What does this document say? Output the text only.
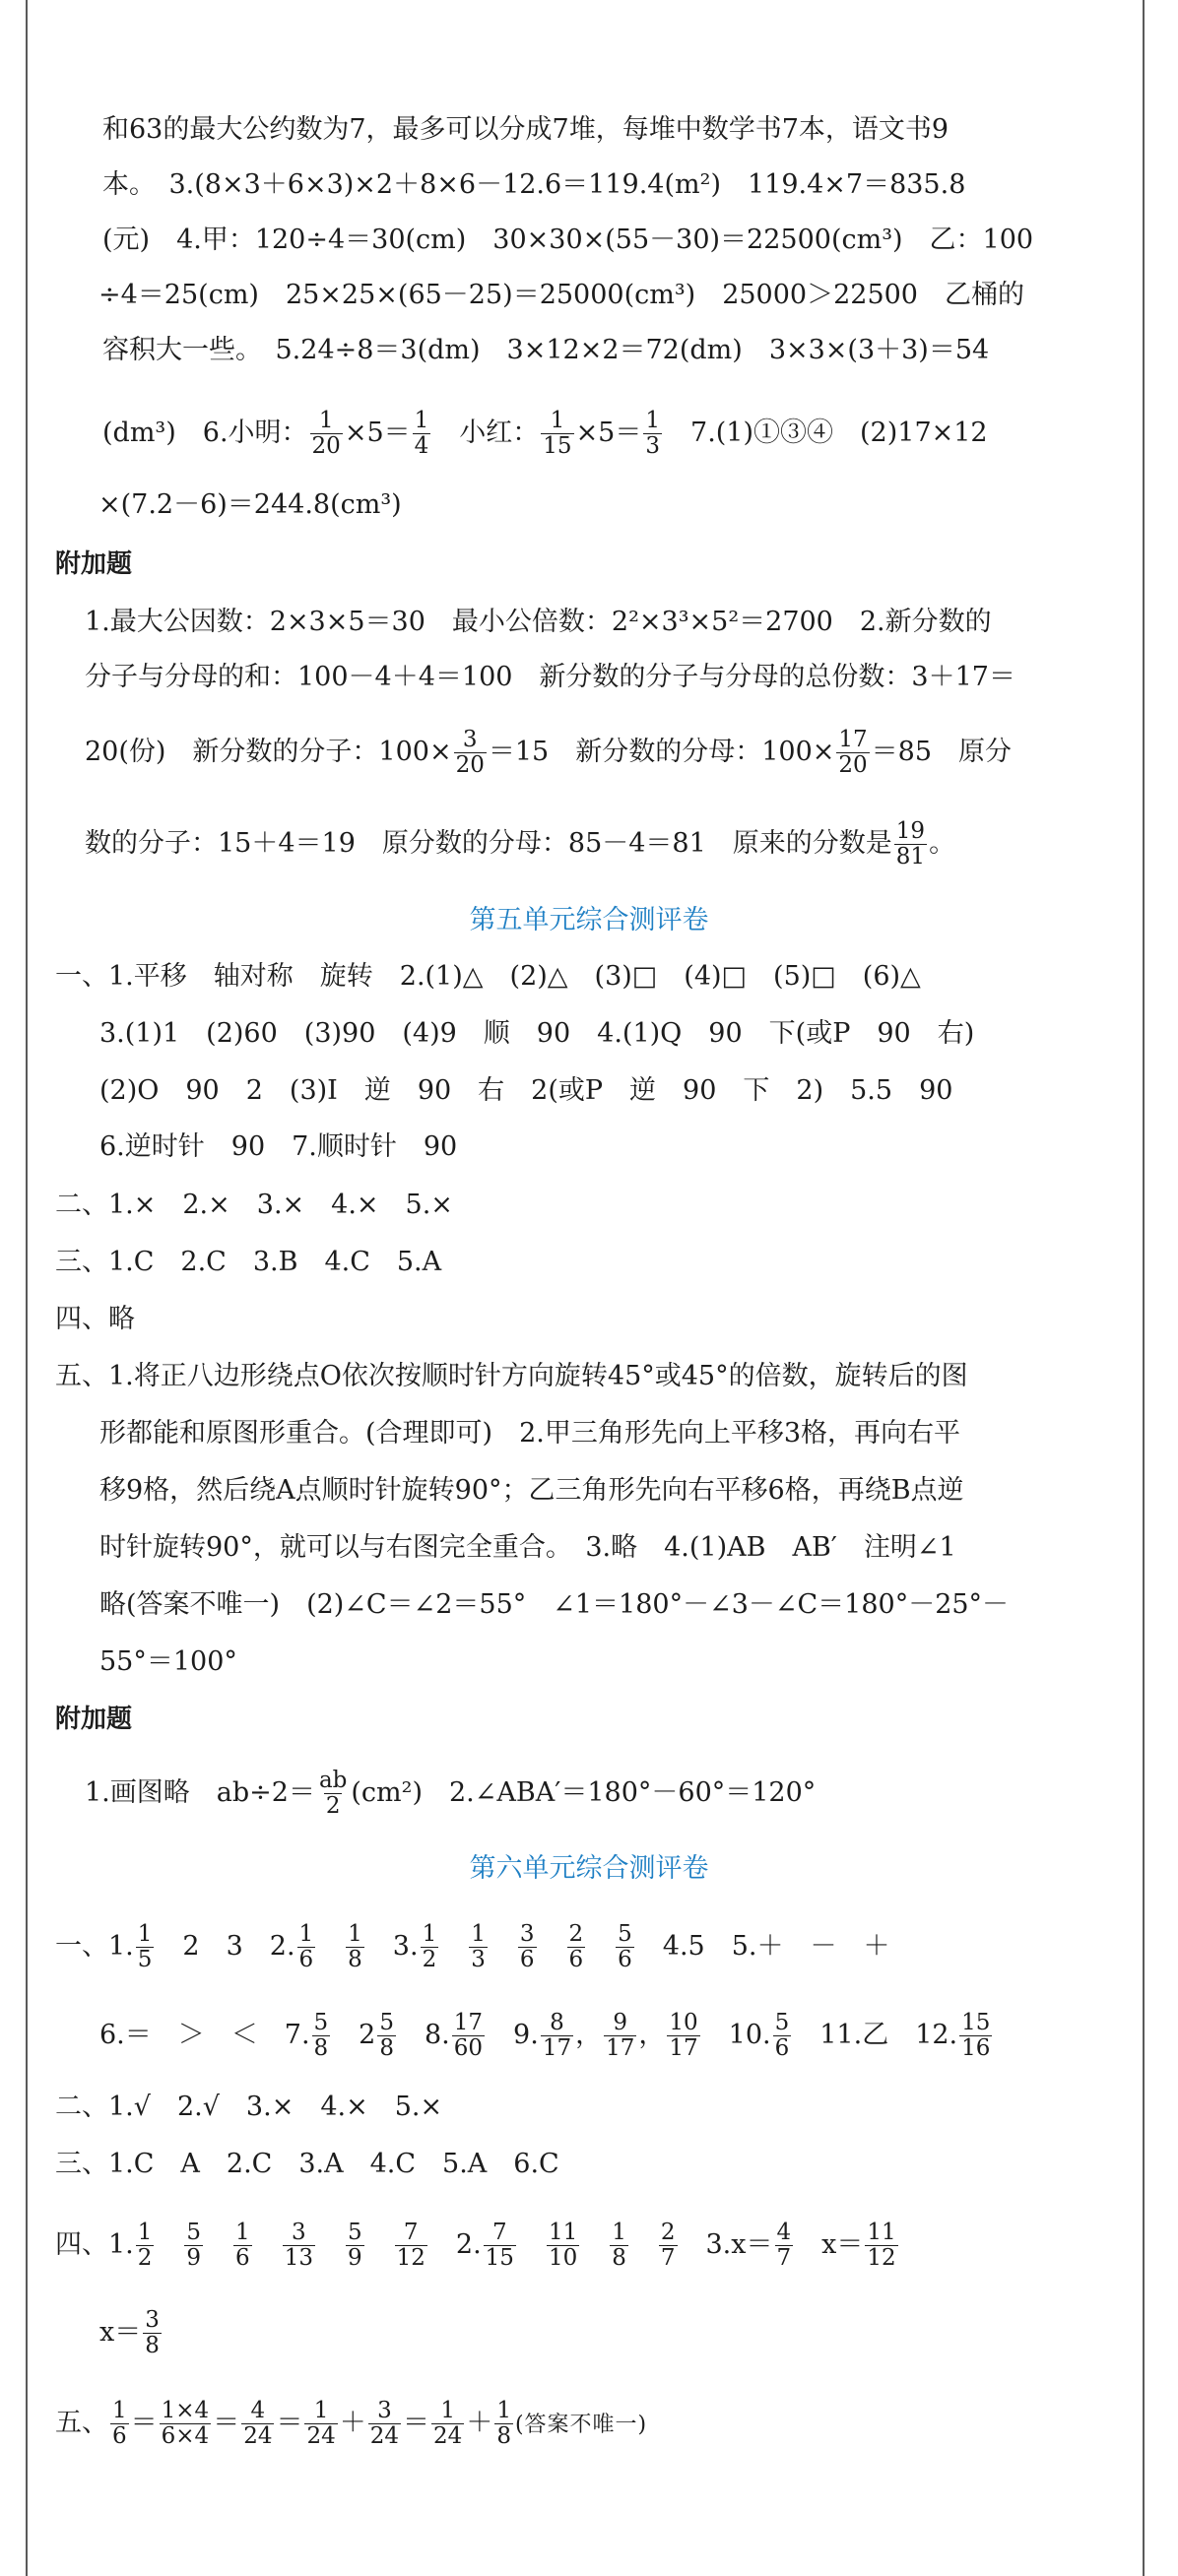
和63的最大公约数为7，最多可以分成7堆，每堆中数学书7本，语文书9
本。　3.(8×3＋6×3)×2＋8×6－12.6＝119.4(m²)　119.4×7＝835.8
(元)　4.甲：120÷4＝30(cm)　30×30×(55－30)＝22500(cm³)　乙：100
÷4＝25(cm)　25×25×(65－25)＝25000(cm³)　25000＞22500　乙桶的
容积大一些。　5.24÷8＝3(dm)　3×12×2＝72(dm)　3×3×(3＋3)＝54
(dm³)　6.小明： $\frac{1}{20} \times 5= \frac{1}{4}$ 　小红： $\frac{1}{15} \times 5= \frac{1}{3}$ 　7.(1)①③④　(2)17×12
×(7.2－6)＝244.8(cm³)
附加题
1.最大公因数：2×3×5＝30　最小公倍数：2²×3³×5²＝2700　2.新分数的
分子与分母的和：100－4＋4＝100　新分数的分子与分母的总份数：3＋17＝
20(份)　新分数的分子：$100\times \frac{3}{20} =15$　新分数的分母：$100\times \frac{17}{20} =85$　原分
数的分子：15＋4＝19　原分数的分母：85－4＝81　原来的分数是 $\frac{19}{81}$ 。
第五单元综合测评卷
一、1.平移　轴对称　旋转　2.(1)△　(2)△　(3)□　(4)□　(5)□　(6)△
　3.(1)1　(2)60　(3)90　(4)9　顺　90　4.(1)Q　90　下(或P　90　右)
　(2)O　90　2　(3)I　逆　90　右　2(或P　逆　90　下　2)　5.5　90
　6.逆时针　90　7.顺时针　90
二、1.×　2.×　3.×　4.×　5.×
三、1.C　2.C　3.B　4.C　5.A
四、略
五、1.将正八边形绕点O依次按顺时针方向旋转45°或45°的倍数，旋转后的图
　形都能和原图形重合。(合理即可)　2.甲三角形先向上平移3格，再向右平
　移9格，然后绕A点顺时针旋转90°；乙三角形先向右平移6格，再绕B点逆
　时针旋转90°，就可以与右图完全重合。　3.略　4.(1)AB　AB′　注明∠1
　略(答案不唯一)　(2)∠C＝∠2＝55°　∠1＝180°－∠3－∠C＝180°－25°－
　55°＝100°
附加题
1.画图略　$ab\div 2= \frac{ab}{2} (cm^2)$　2.∠ABA′＝180°－60°＝120°
第六单元综合测评卷
一、1. $\frac{1}{5}$ 　2　3　2. $\frac{1}{6}$
　 $\frac{1}{8}$ 　3. $\frac{1}{2}$
　 $\frac{1}{3}$
　 $\frac{3}{6}$
　 $\frac{2}{6}$
　 $\frac{5}{6}$ 　4.5　5.＋　－　＋
　6.＝　＞　＜　7. $\frac{5}{8}$ 　$2 \frac{5}{8}$ 　8. $\frac{17}{60}$ 　9. $\frac{8}{17}$ ， $\frac{9}{17}$ ， $\frac{10}{17}$ 　10. $\frac{5}{6}$ 　11.乙　12. $\frac{15}{16}$
二、1.√　2.√　3.×　4.×　5.×
三、1.C　A　2.C　3.A　4.C　5.A　6.C
四、1. $\frac{1}{2}$
　 $\frac{5}{9}$
　 $\frac{1}{6}$
　 $\frac{3}{13}$
　 $\frac{5}{9}$
　 $\frac{7}{12}$ 　2. $\frac{7}{15}$
　 $\frac{11}{10}$
　 $\frac{1}{8}$
　 $\frac{2}{7}$ 　$3.x= \frac{4}{7}$ 　$x= \frac{11}{12}$
　$x= \frac{3}{8}$
五、 $\frac{1}{6} = \frac{1\times 4}{6\times 4} = \frac{4}{24} = \frac{1}{24} + \frac{3}{24} = \frac{1}{24} + \frac{1}{8}$ (答案不唯一)
